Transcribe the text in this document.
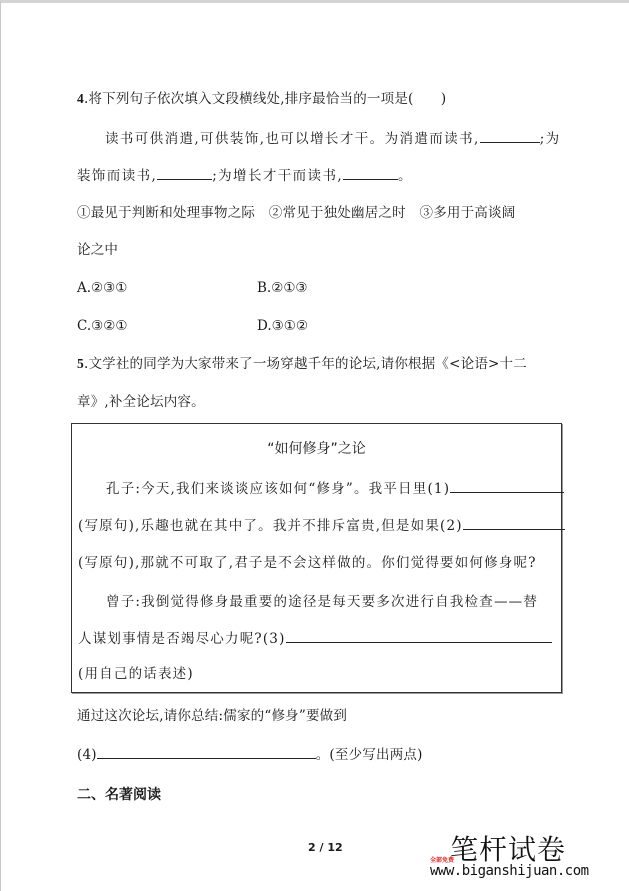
4.将下列句子依次填入文段横线处,排序最恰当的一项是(　　)
读书可供消遣,可供装饰,也可以增长才干。为消遣而读书,	;为
装饰而读书,	;为增长才干而读书,	。
①最见于判断和处理事物之际　②常见于独处幽居之时　③多用于高谈阔
论之中
A.②③①	B.②①③
C.③②①	D.③①②
5.文学社的同学为大家带来了一场穿越千年的论坛,请你根据《<论语>十二
章》,补全论坛内容。
“如何修身”之论
孔子:今天,我们来谈谈应该如何“修身”。我平日里(1)
(写原句),乐趣也就在其中了。我并不排斥富贵,但是如果(2)
(写原句),那就不可取了,君子是不会这样做的。你们觉得要如何修身呢?
曾子:我倒觉得修身最重要的途径是每天要多次进行自我检查——替
人谋划事情是否竭尽心力呢?(3)
(用自己的话表述)
通过这次论坛,请你总结:儒家的“修身”要做到
(4)	。(至少写出两点)
二、名著阅读
2 / 12	笔杆试卷
全部免费
www.biganshijuan.com
